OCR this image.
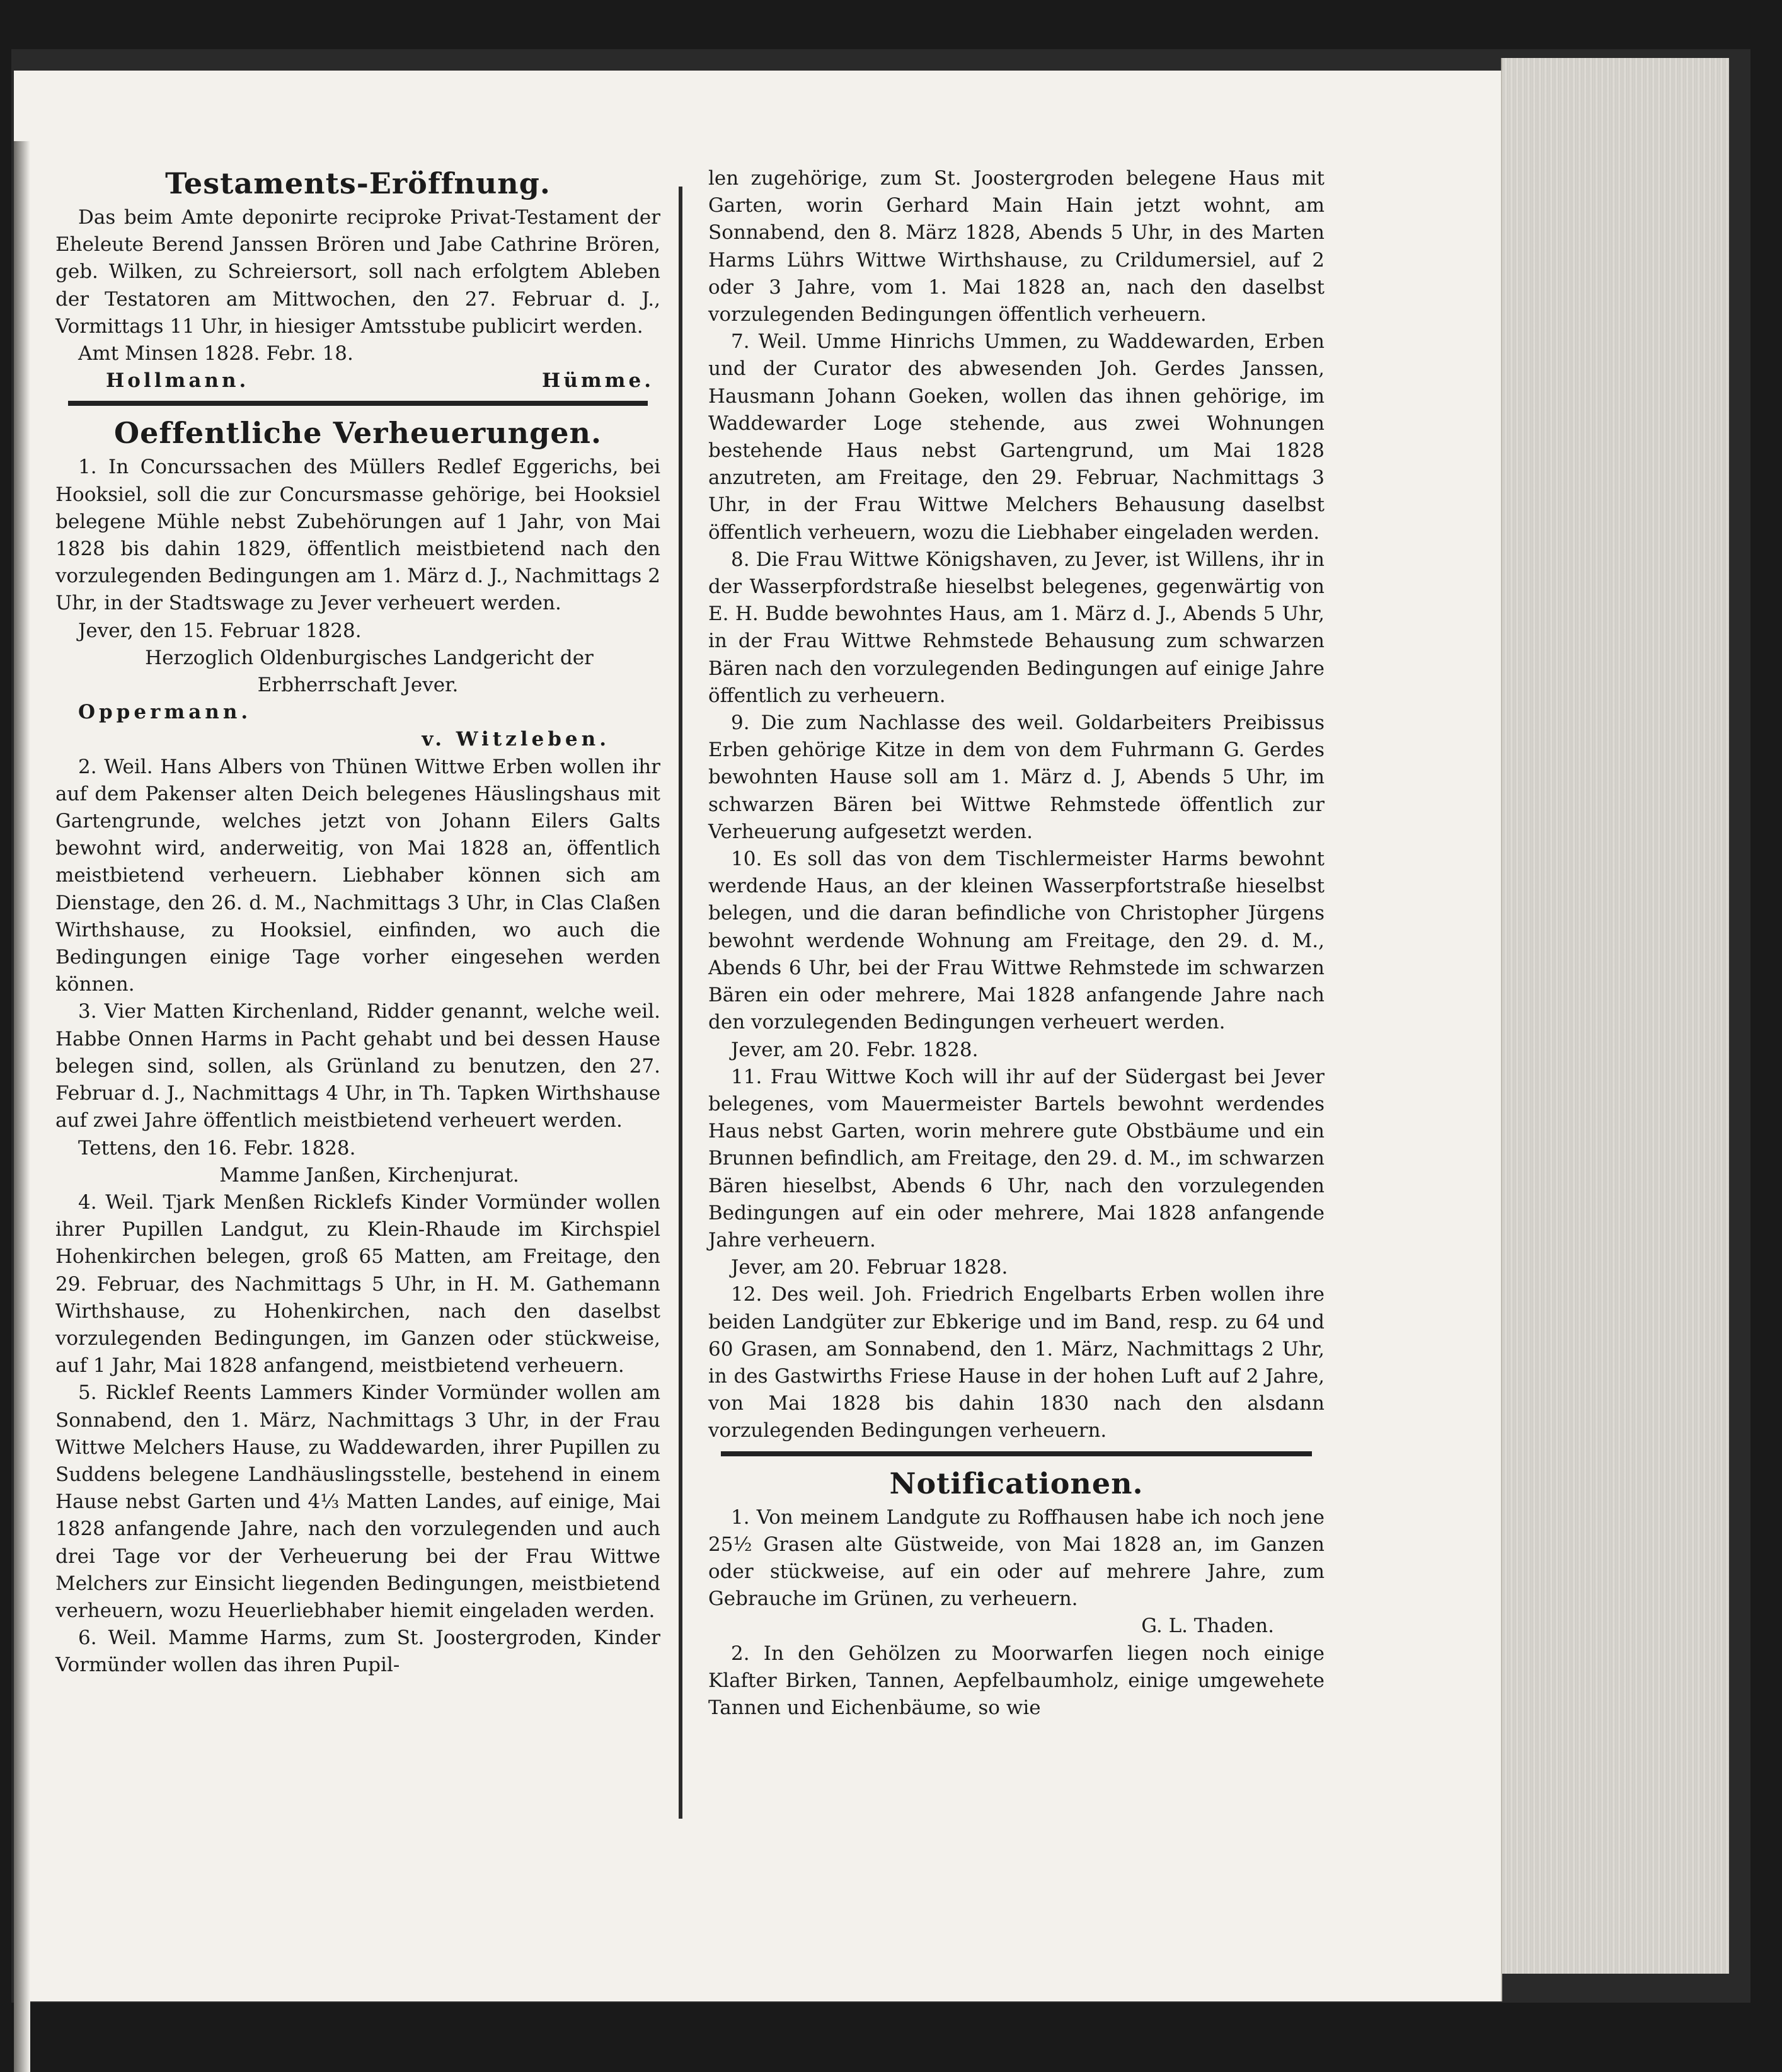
Testaments-Eröffnung.

Das beim Amte deponirte reciproke Privat-Testament der Eheleute Berend Janssen Brören und Jabe Cathrine Brören, geb. Wilken, zu Schreiersort, soll nach erfolgtem Ableben der Testatoren am Mittwochen, den 27. Februar d. J., Vormittags 11 Uhr, in hiesiger Amtsstube publicirt werden.

Amt Minsen 1828. Febr. 18.

Hollmann.	Hümme.
Oeffentliche Verheuerungen.

1. In Concurssachen des Müllers Redlef Eggerichs, bei Hooksiel, soll die zur Concursmasse gehörige, bei Hooksiel belegene Mühle nebst Zubehörungen auf 1 Jahr, von Mai 1828 bis dahin 1829, öffentlich meistbietend nach den vorzulegenden Bedingungen am 1. März d. J., Nachmittags 2 Uhr, in der Stadtswage zu Jever verheuert werden.

Jever, den 15. Februar 1828.

Herzoglich Oldenburgisches Landgericht der

Erbherrschaft Jever.

Oppermann.

v. Witzleben.

2. Weil. Hans Albers von Thünen Wittwe Erben wollen ihr auf dem Pakenser alten Deich belegenes Häuslingshaus mit Gartengrunde, welches jetzt von Johann Eilers Galts bewohnt wird, anderweitig, von Mai 1828 an, öffentlich meistbietend verheuern. Liebhaber können sich am Dienstage, den 26. d. M., Nachmittags 3 Uhr, in Clas Claßen Wirthshause, zu Hooksiel, einfinden, wo auch die Bedingungen einige Tage vorher eingesehen werden können.

3. Vier Matten Kirchenland, Ridder genannt, welche weil. Habbe Onnen Harms in Pacht gehabt und bei dessen Hause belegen sind, sollen, als Grünland zu benutzen, den 27. Februar d. J., Nachmittags 4 Uhr, in Th. Tapken Wirthshause auf zwei Jahre öffentlich meistbietend verheuert werden.

Tettens, den 16. Febr. 1828.

Mamme Janßen, Kirchenjurat.

4. Weil. Tjark Menßen Ricklefs Kinder Vormünder wollen ihrer Pupillen Landgut, zu Klein-Rhaude im Kirchspiel Hohenkirchen belegen, groß 65 Matten, am Freitage, den 29. Februar, des Nachmittags 5 Uhr, in H. M. Gathemann Wirthshause, zu Hohenkirchen, nach den daselbst vorzulegenden Bedingungen, im Ganzen oder stückweise, auf 1 Jahr, Mai 1828 anfangend, meistbietend verheuern.

5. Ricklef Reents Lammers Kinder Vormünder wollen am Sonnabend, den 1. März, Nachmittags 3 Uhr, in der Frau Wittwe Melchers Hause, zu Waddewarden, ihrer Pupillen zu Suddens belegene Landhäuslingsstelle, bestehend in einem Hause nebst Garten und 4⅓ Matten Landes, auf einige, Mai 1828 anfangende Jahre, nach den vorzulegenden und auch drei Tage vor der Verheuerung bei der Frau Wittwe Melchers zur Einsicht liegenden Bedingungen, meistbietend verheuern, wozu Heuerliebhaber hiemit eingeladen werden.

6. Weil. Mamme Harms, zum St. Joostergroden, Kinder Vormünder wollen das ihren Pupil-

len zugehörige, zum St. Joostergroden belegene Haus mit Garten, worin Gerhard Main Hain jetzt wohnt, am Sonnabend, den 8. März 1828, Abends 5 Uhr, in des Marten Harms Lührs Wittwe Wirthshause, zu Crildumersiel, auf 2 oder 3 Jahre, vom 1. Mai 1828 an, nach den daselbst vorzulegenden Bedingungen öffentlich verheuern.

7. Weil. Umme Hinrichs Ummen, zu Waddewarden, Erben und der Curator des abwesenden Joh. Gerdes Janssen, Hausmann Johann Goeken, wollen das ihnen gehörige, im Waddewarder Loge stehende, aus zwei Wohnungen bestehende Haus nebst Gartengrund, um Mai 1828 anzutreten, am Freitage, den 29. Februar, Nachmittags 3 Uhr, in der Frau Wittwe Melchers Behausung daselbst öffentlich verheuern, wozu die Liebhaber eingeladen werden.

8. Die Frau Wittwe Königshaven, zu Jever, ist Willens, ihr in der Wasserpfordstraße hieselbst belegenes, gegenwärtig von E. H. Budde bewohntes Haus, am 1. März d. J., Abends 5 Uhr, in der Frau Wittwe Rehmstede Behausung zum schwarzen Bären nach den vorzulegenden Bedingungen auf einige Jahre öffentlich zu verheuern.

9. Die zum Nachlasse des weil. Goldarbeiters Preibissus Erben gehörige Kitze in dem von dem Fuhrmann G. Gerdes bewohnten Hause soll am 1. März d. J, Abends 5 Uhr, im schwarzen Bären bei Wittwe Rehmstede öffentlich zur Verheuerung aufgesetzt werden.

10. Es soll das von dem Tischlermeister Harms bewohnt werdende Haus, an der kleinen Wasserpfortstraße hieselbst belegen, und die daran befindliche von Christopher Jürgens bewohnt werdende Wohnung am Freitage, den 29. d. M., Abends 6 Uhr, bei der Frau Wittwe Rehmstede im schwarzen Bären ein oder mehrere, Mai 1828 anfangende Jahre nach den vorzulegenden Bedingungen verheuert werden.

Jever, am 20. Febr. 1828.

11. Frau Wittwe Koch will ihr auf der Südergast bei Jever belegenes, vom Mauermeister Bartels bewohnt werdendes Haus nebst Garten, worin mehrere gute Obstbäume und ein Brunnen befindlich, am Freitage, den 29. d. M., im schwarzen Bären hieselbst, Abends 6 Uhr, nach den vorzulegenden Bedingungen auf ein oder mehrere, Mai 1828 anfangende Jahre verheuern.

Jever, am 20. Februar 1828.

12. Des weil. Joh. Friedrich Engelbarts Erben wollen ihre beiden Landgüter zur Ebkerige und im Band, resp. zu 64 und 60 Grasen, am Sonnabend, den 1. März, Nachmittags 2 Uhr, in des Gastwirths Friese Hause in der hohen Luft auf 2 Jahre, von Mai 1828 bis dahin 1830 nach den alsdann vorzulegenden Bedingungen verheuern.

Notificationen.

1. Von meinem Landgute zu Roffhausen habe ich noch jene 25½ Grasen alte Güstweide, von Mai 1828 an, im Ganzen oder stückweise, auf ein oder auf mehrere Jahre, zum Gebrauche im Grünen, zu verheuern.

G. L. Thaden.

2. In den Gehölzen zu Moorwarfen liegen noch einige Klafter Birken, Tannen, Aepfelbaumholz, einige umgewehete Tannen und Eichenbäume, so wie
